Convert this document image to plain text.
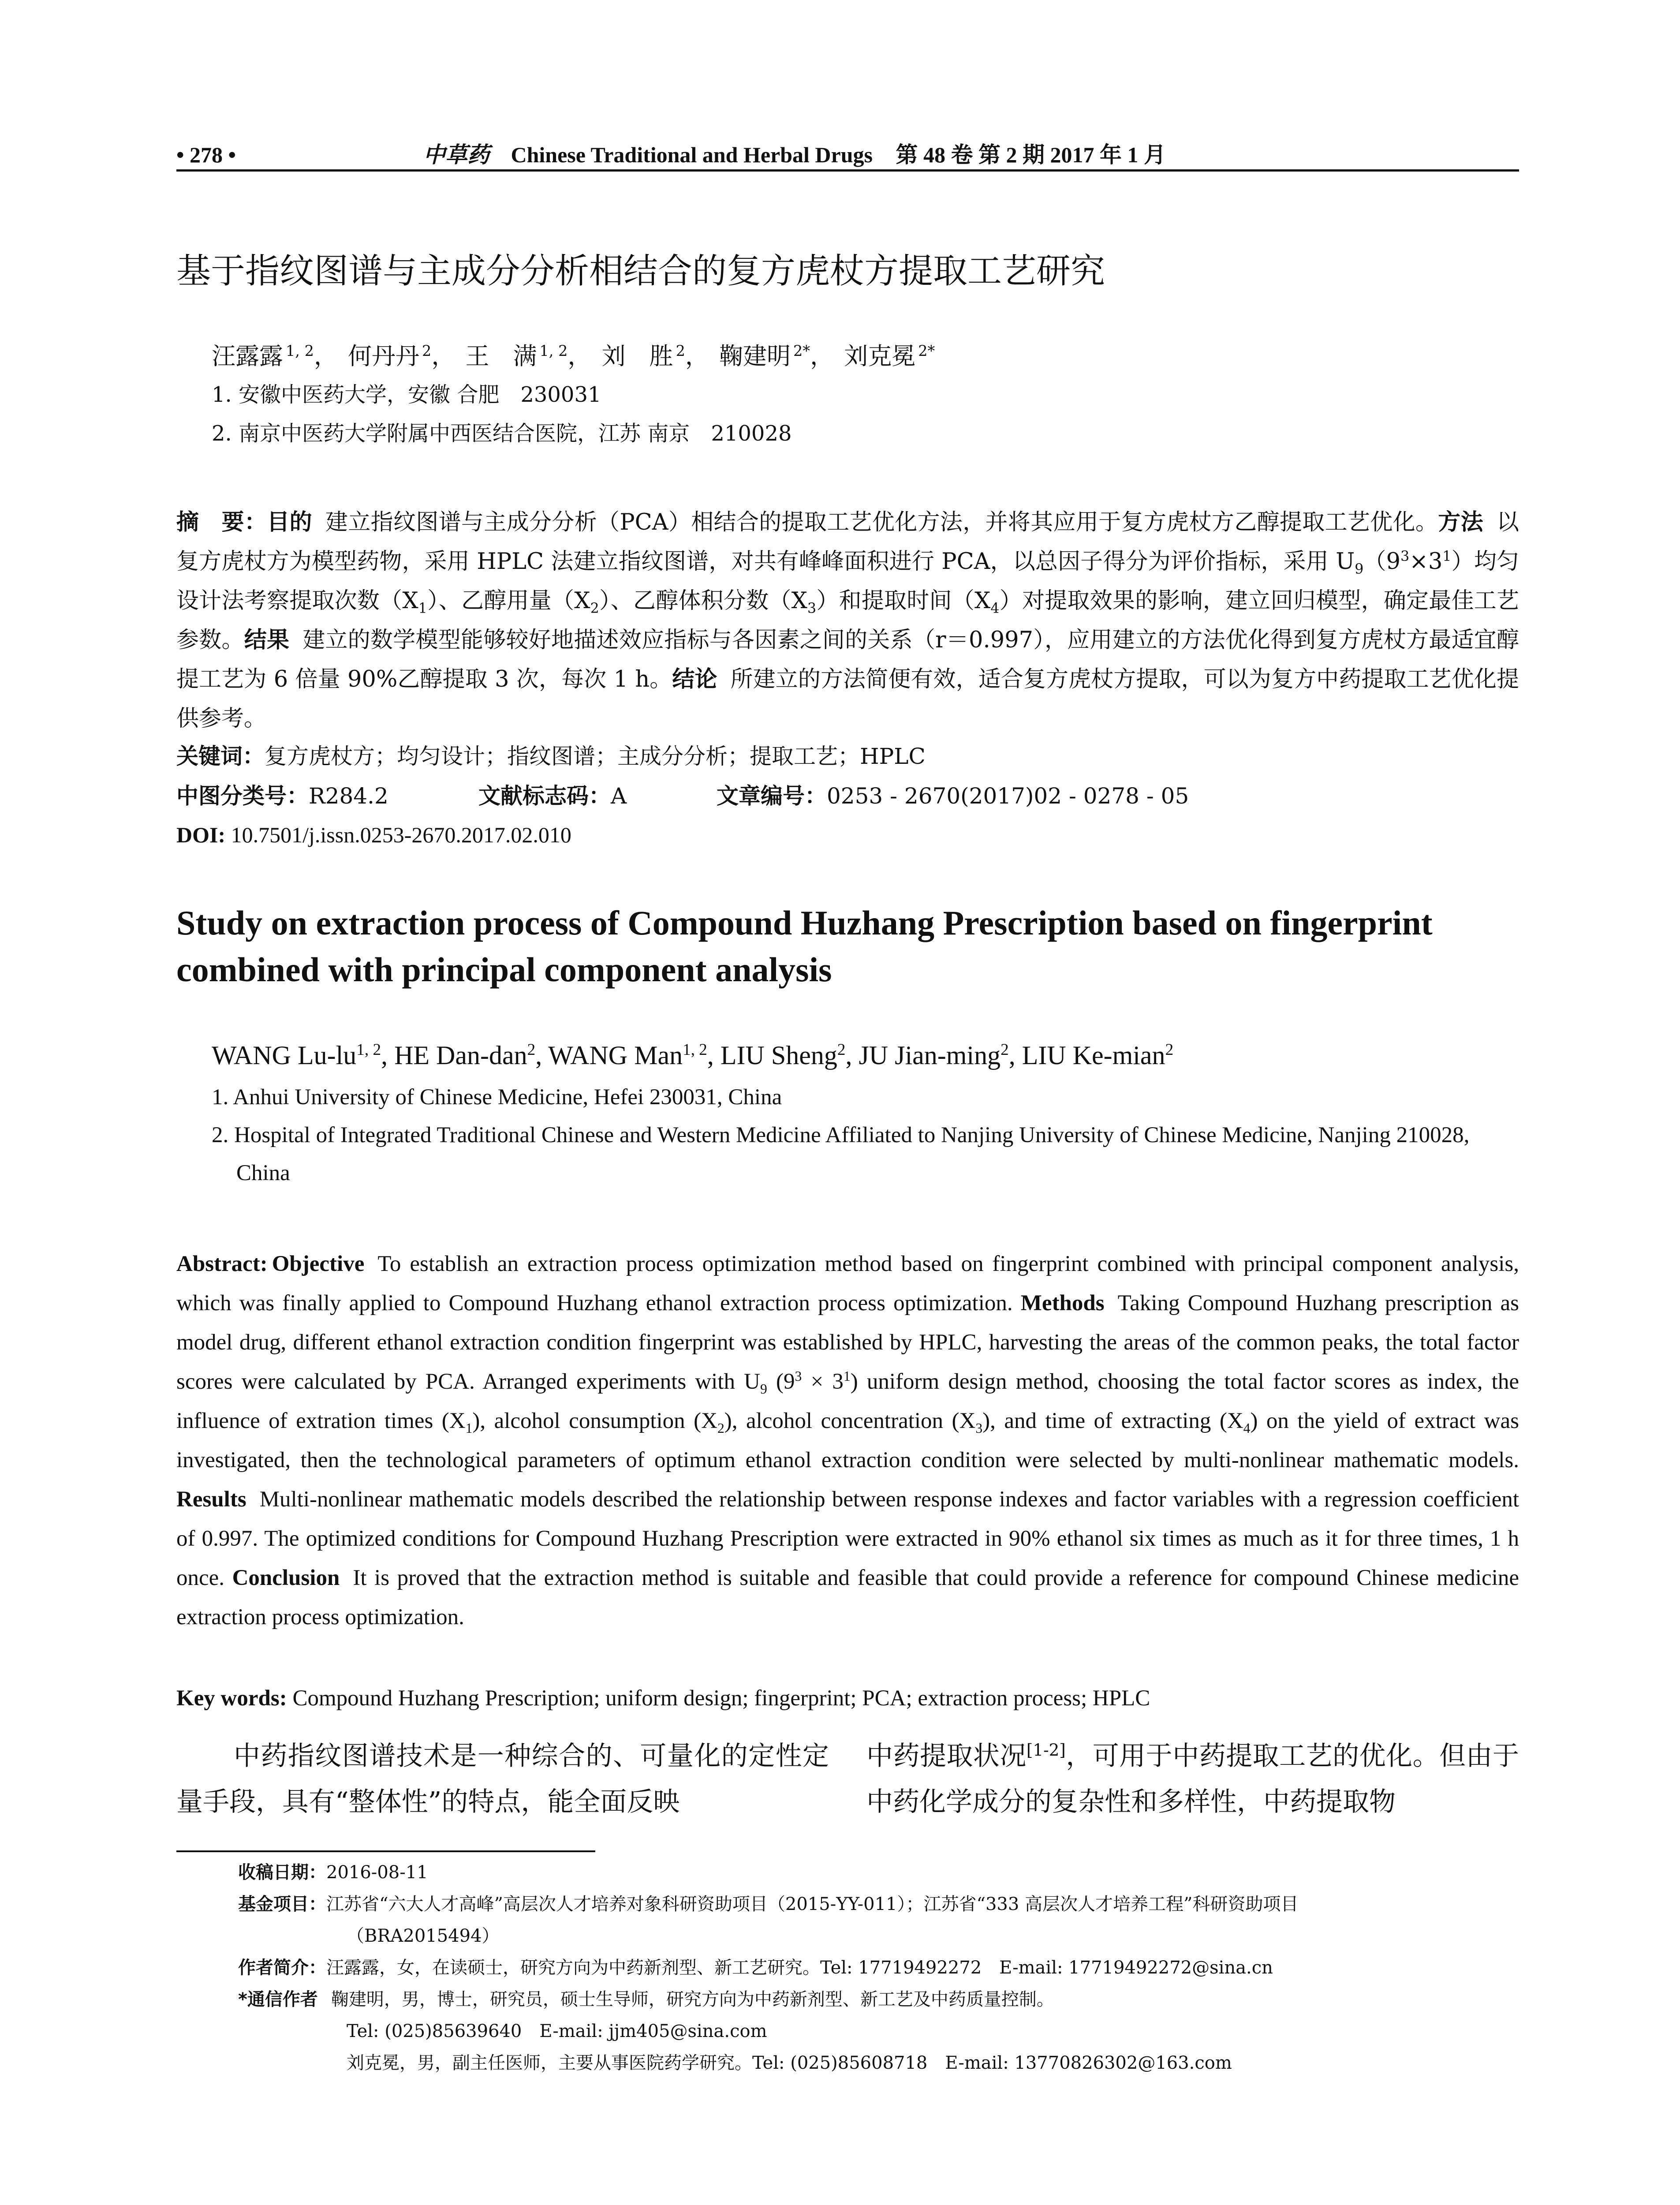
• 278 •	中草药 Chinese Traditional and Herbal Drugs 第 48 卷 第 2 期 2017 年 1 月
基于指纹图谱与主成分分析相结合的复方虎杖方提取工艺研究
汪露露 $^{1, 2}$， 何丹丹 $^2$， 王　满 $^{1, 2}$， 刘　胜 $^2$， 鞠建明 $^{2*}$， 刘克冕 $^{2*}$
1. 安徽中医药大学，安徽 合肥　230031
2. 南京中医药大学附属中西医结合医院，江苏 南京　210028
摘　要：目的 建立指纹图谱与主成分分析（PCA）相结合的提取工艺优化方法，并将其应用于复方虎杖方乙醇提取工艺优化。方法 以复方虎杖方为模型药物，采用 HPLC 法建立指纹图谱，对共有峰峰面积进行 PCA，以总因子得分为评价指标，采用 $U_9(9^3\times 3^1)$均匀设计法考察提取次数$(X_1)$、乙醇用量$(X_2)$、乙醇体积分数$(X_3)$和提取时间$(X_4)$对提取效果的影响，建立回归模型，确定最佳工艺参数。结果 建立的数学模型能够较好地描述效应指标与各因素之间的关系（r＝0.997），应用建立的方法优化得到复方虎杖方最适宜醇提工艺为 6 倍量 90%乙醇提取 3 次，每次 1 h。结论 所建立的方法简便有效，适合复方虎杖方提取，可以为复方中药提取工艺优化提供参考。
关键词：复方虎杖方；均匀设计；指纹图谱；主成分分析；提取工艺；HPLC
中图分类号：R284.2	文献标志码：A	文章编号：0253 - 2670(2017)02 - 0278 - 05
DOI: 10.7501/j.issn.0253-2670.2017.02.010
Study on extraction process of Compound Huzhang Prescription based on fingerprint combined with principal component analysis
WANG Lu-lu$^{1, 2}$, HE Dan-dan$^2$, WANG Man$^{1, 2}$, LIU Sheng$^2$, JU Jian-ming$^2$, LIU Ke-mian$^2$
1. Anhui University of Chinese Medicine, Hefei 230031, China
2. Hospital of Integrated Traditional Chinese and Western Medicine Affiliated to Nanjing University of Chinese Medicine, Nanjing 210028, China
Abstract: Objective To establish an extraction process optimization method based on fingerprint combined with principal component analysis, which was finally applied to Compound Huzhang ethanol extraction process optimization. Methods Taking Compound Huzhang prescription as model drug, different ethanol extraction condition fingerprint was established by HPLC, harvesting the areas of the common peaks, the total factor scores were calculated by PCA. Arranged experiments with $U_9$ $(9^3 \times 3^1)$ uniform design method, choosing the total factor scores as index, the influence of extration times $(X_1)$, alcohol consumption $(X_2)$, alcohol concentration $(X_3)$, and time of extracting $(X_4)$ on the yield of extract was investigated, then the technological parameters of optimum ethanol extraction condition were selected by multi-nonlinear mathematic models. Results Multi-nonlinear mathematic models described the relationship between response indexes and factor variables with a regression coefficient of 0.997. The optimized conditions for Compound Huzhang Prescription were extracted in 90% ethanol six times as much as it for three times, 1 h once. Conclusion It is proved that the extraction method is suitable and feasible that could provide a reference for compound Chinese medicine extraction process optimization.
Key words: Compound Huzhang Prescription; uniform design; fingerprint; PCA; extraction process; HPLC
中药指纹图谱技术是一种综合的、可量化的定性定量手段，具有“整体性”的特点，能全面反映
中药提取状况[1-2]，可用于中药提取工艺的优化。但由于中药化学成分的复杂性和多样性，中药提取物
收稿日期：2016-08-11
基金项目：江苏省“六大人才高峰”高层次人才培养对象科研资助项目（2015-YY-011）；江苏省“333 高层次人才培养工程”科研资助项目
（BRA2015494）
作者简介：汪露露，女，在读硕士，研究方向为中药新剂型、新工艺研究。Tel: 17719492272　E-mail: 17719492272@sina.cn
*通信作者 鞠建明，男，博士，研究员，硕士生导师，研究方向为中药新剂型、新工艺及中药质量控制。
Tel: (025)85639640　E-mail: jjm405@sina.com
刘克冕，男，副主任医师，主要从事医院药学研究。Tel: (025)85608718　E-mail: 13770826302@163.com
